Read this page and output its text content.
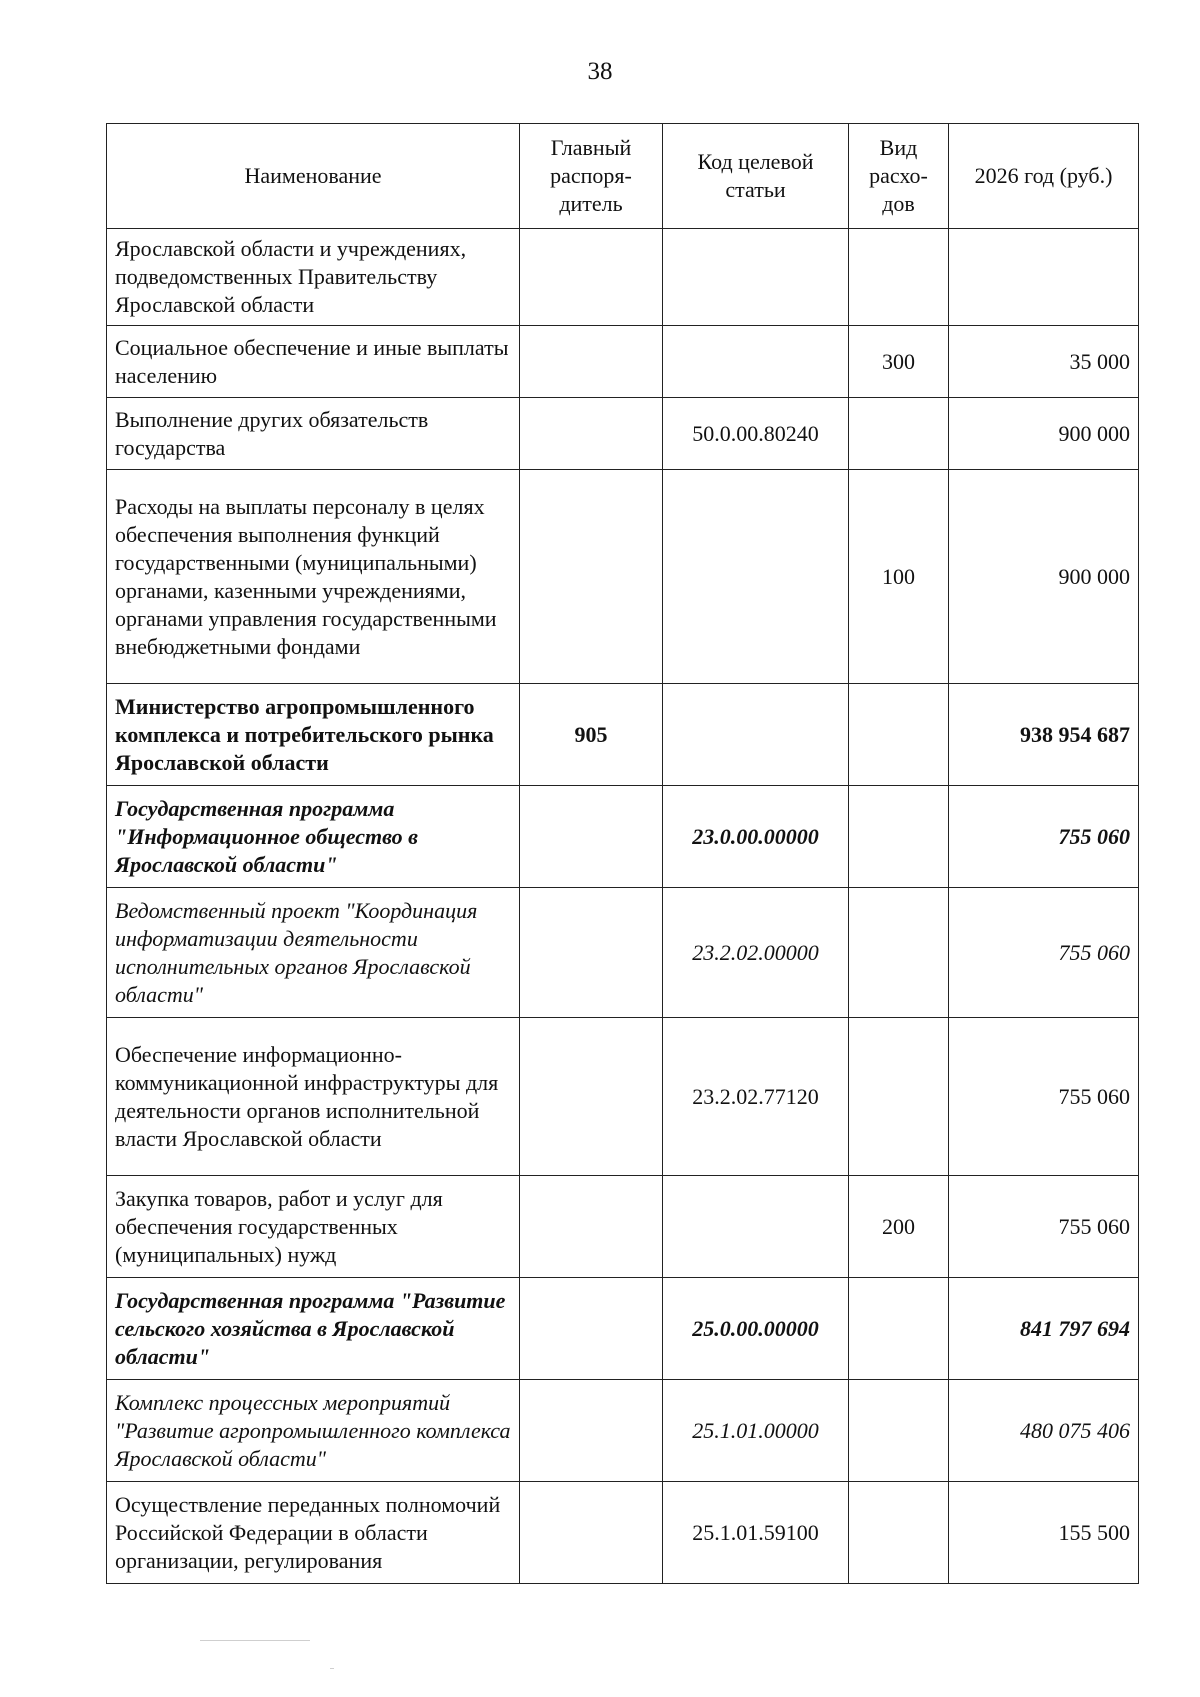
38
Наименование	Главный распоря- дитель	Код целевой статьи	Вид расхо- дов	2026 год (руб.)
Ярославской области и учреждениях, подведомственных Правительству Ярославской области				
Социальное обеспечение и иные выплаты населению			300	35 000
Выполнение других обязательств государства		50.0.00.80240		900 000
Расходы на выплаты персоналу в целях обеспечения выполнения функций государственными (муниципальными) органами, казенными учреждениями, органами управления государственными внебюджетными фондами			100	900 000
Министерство агропромышленного комплекса и потребительского рынка Ярославской области	905			938 954 687
Государственная программа "Информационное общество в Ярославской области"		23.0.00.00000		755 060
Ведомственный проект "Координация информатизации деятельности исполнительных органов Ярославской области"		23.2.02.00000		755 060
Обеспечение информационно-коммуникационной инфраструктуры для деятельности органов исполнительной власти Ярославской области		23.2.02.77120		755 060
Закупка товаров, работ и услуг для обеспечения государственных (муниципальных) нужд			200	755 060
Государственная программа "Развитие сельского хозяйства в Ярославской области"		25.0.00.00000		841 797 694
Комплекс процессных мероприятий "Развитие агропромышленного комплекса Ярославской области"		25.1.01.00000		480 075 406
Осуществление переданных полномочий Российской Федерации в области организации, регулирования		25.1.01.59100		155 500
